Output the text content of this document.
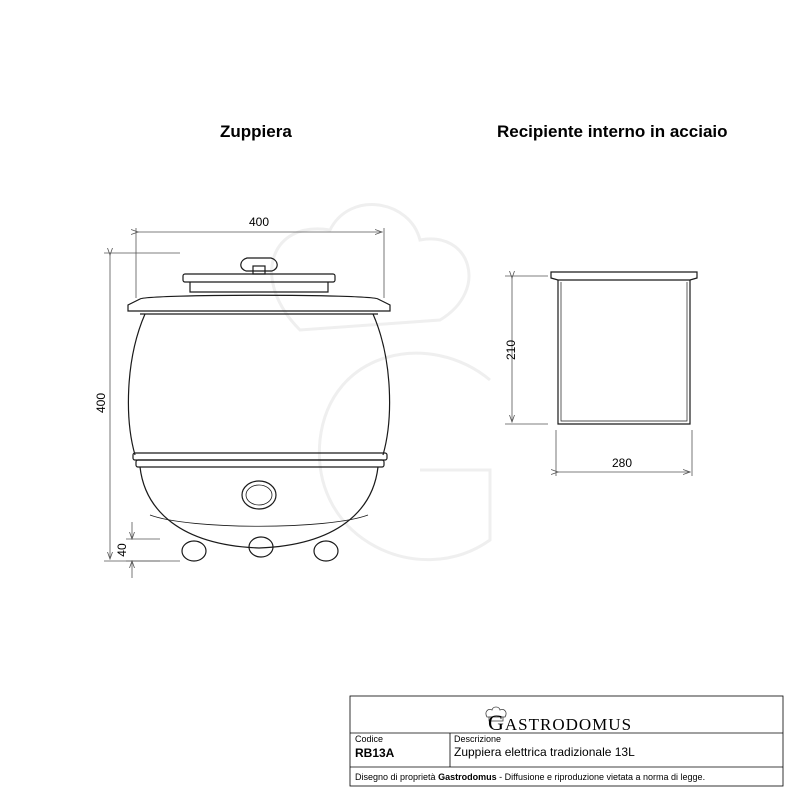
Zuppiera	Recipiente interno in acciaio
400
400
40
210
280
GASTRODOMUS
Codice
RB13A
Descrizione
Zuppiera elettrica tradizionale 13L
Disegno di proprietà Gastrodomus - Diffusione e riproduzione vietata a norma di legge.
